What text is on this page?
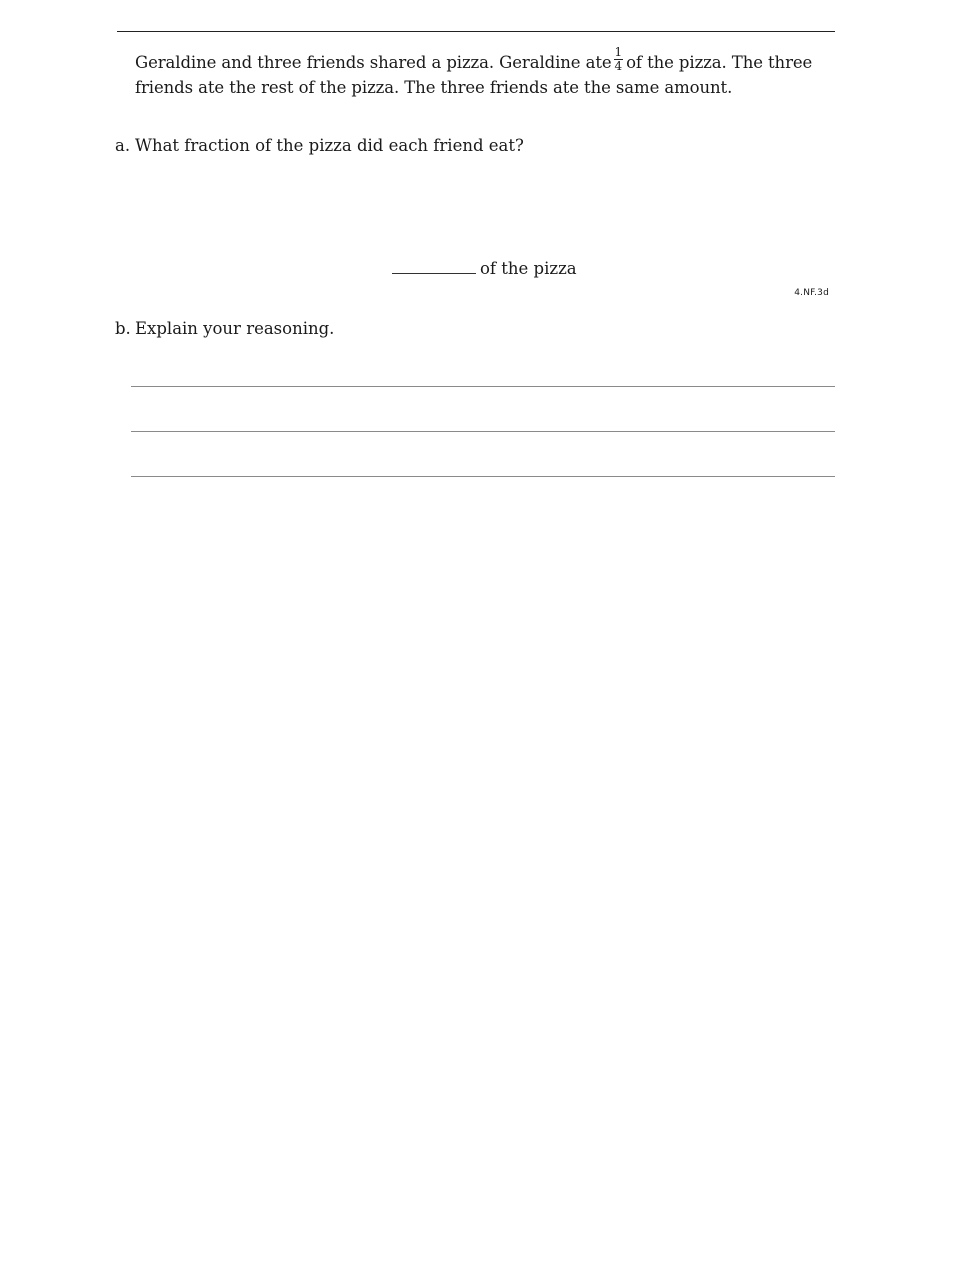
Geraldine and three friends shared a pizza. Geraldine ate $\frac{1}{4}$ of the pizza. The three
friends ate the rest of the pizza. The three friends ate the same amount.
a. What fraction of the pizza did each friend eat?
of the pizza
4.NF.3d
b. Explain your reasoning.
